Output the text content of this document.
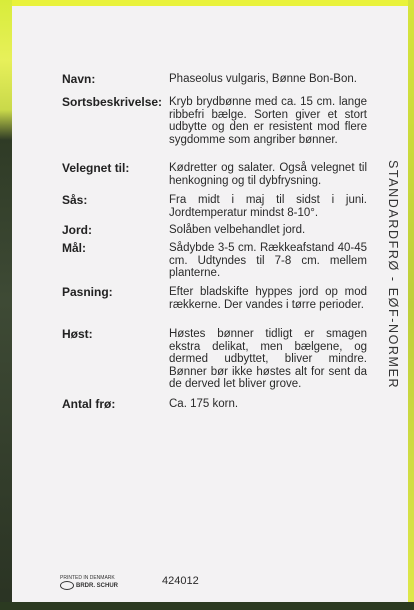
Navn:	Phaseolus vulgaris, Bønne Bon-Bon.
Sortsbeskrivelse: Kryb brydbønne med ca. 15 cm. lange ribbefri bælge. Sorten giver et stort udbytte og den er resistent mod flere sygdomme som angriber bønner.
Velegnet til:	Kødretter og salater. Også velegnet til henkogning og til dybfrysning.
Sås:	Fra midt i maj til sidst i juni. Jordtemperatur mindst 8-10°.
Jord:	Solåben velbehandlet jord.
Mål:	Sådybde 3-5 cm. Rækkeafstand 40-45 cm. Udtyndes til 7-8 cm. mellem planterne.
Pasning:	Efter bladskifte hyppes jord op mod rækkerne. Der vandes i tørre perioder.
Høst:	Høstes bønner tidligt er smagen ekstra delikat, men bælgene, og dermed udbyttet, bliver mindre. Bønner bør ikke høstes alt for sent da de derved let bliver grove.
Antal frø:	Ca. 175 korn.
STANDARDFRØ - EØF-NORMER
PRINTED IN DENMARK
BRDR. SCHUR	424012
